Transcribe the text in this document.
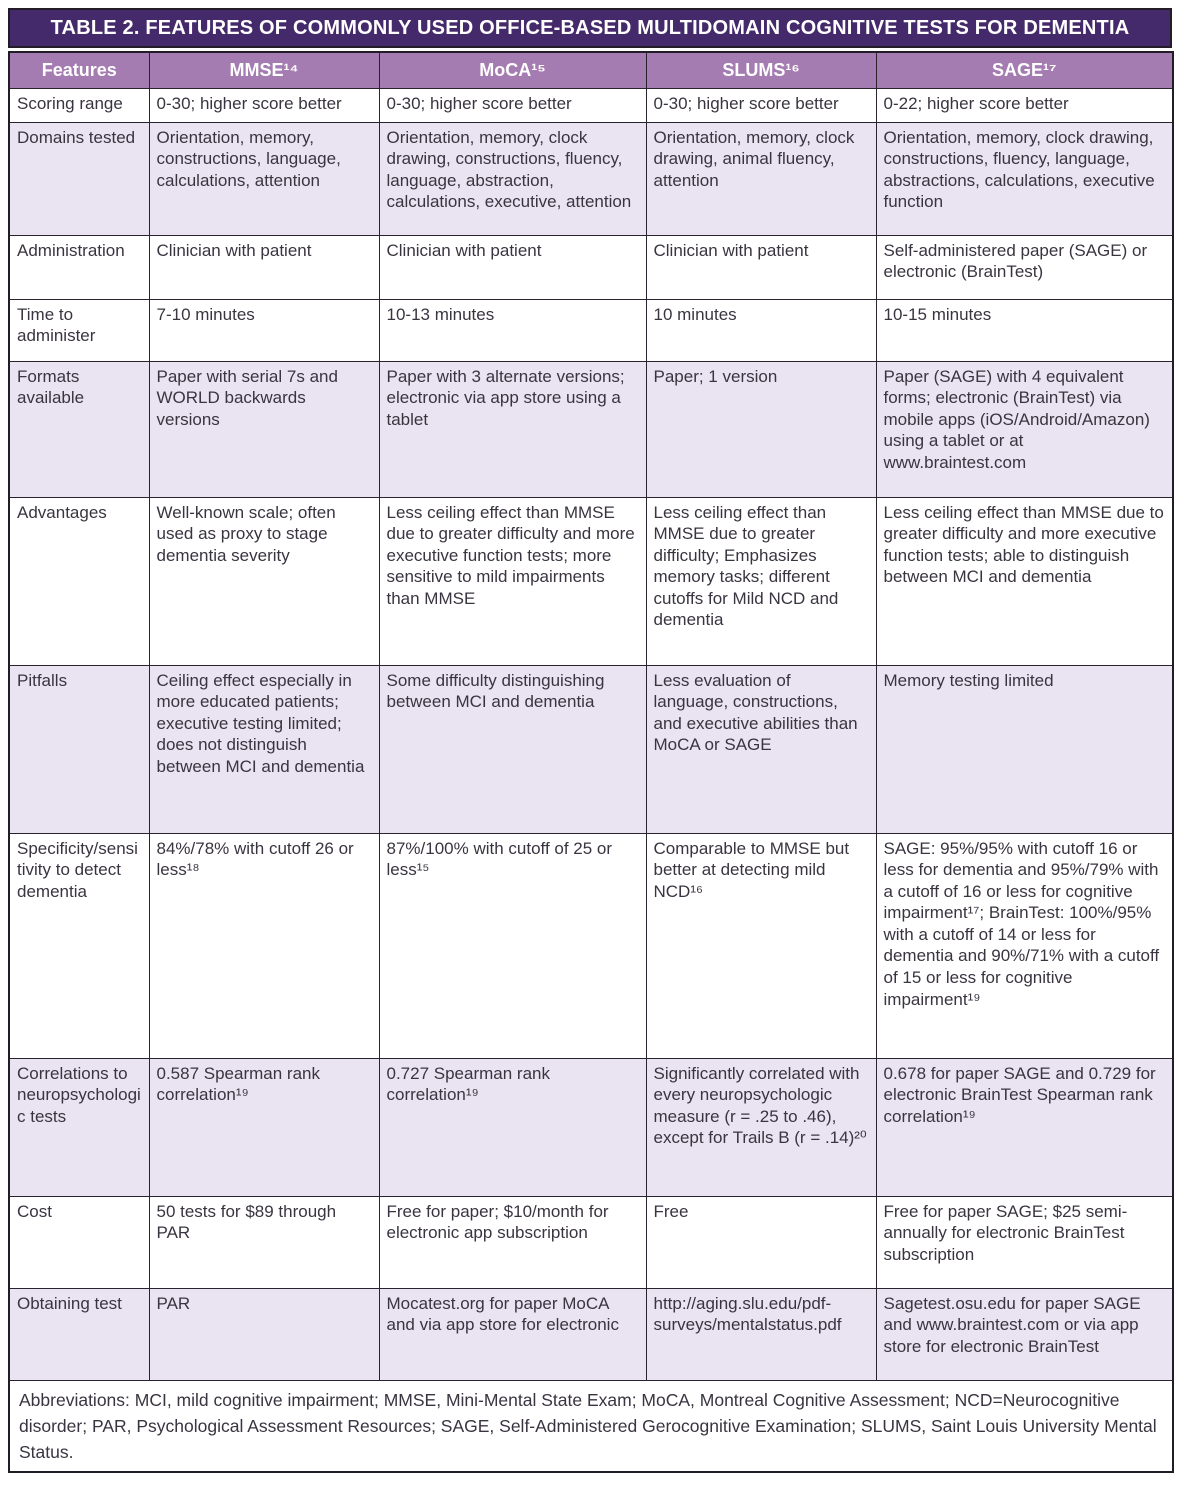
TABLE 2. FEATURES OF COMMONLY USED OFFICE-BASED MULTIDOMAIN COGNITIVE TESTS FOR DEMENTIA
Features	MMSE¹⁴	MoCA¹⁵	SLUMS¹⁶	SAGE¹⁷
Scoring range	0-30; higher score better	0-30; higher score better	0-30; higher score better	0-22; higher score better
Domains tested	Orientation, memory, constructions, language, calculations, attention	Orientation, memory, clock drawing, constructions, fluency, language, abstraction, calculations, executive, attention	Orientation, memory, clock drawing, animal fluency, attention	Orientation, memory, clock drawing, constructions, fluency, language, abstractions, calculations, executive function
Administration	Clinician with patient	Clinician with patient	Clinician with patient	Self-administered paper (SAGE) or electronic (BrainTest)
Time to administer	7-10 minutes	10-13 minutes	10 minutes	10-15 minutes
Formats available	Paper with serial 7s and WORLD backwards versions	Paper with 3 alternate versions; electronic via app store using a tablet	Paper; 1 version	Paper (SAGE) with 4 equivalent forms; electronic (BrainTest) via mobile apps (iOS/Android/Amazon) using a tablet or at www.braintest.com
Advantages	Well-known scale; often used as proxy to stage dementia severity	Less ceiling effect than MMSE due to greater difficulty and more executive function tests; more sensitive to mild impairments than MMSE	Less ceiling effect than MMSE due to greater difficulty; Emphasizes memory tasks; different cutoffs for Mild NCD and dementia	Less ceiling effect than MMSE due to greater difficulty and more executive function tests; able to distinguish between MCI and dementia
Pitfalls	Ceiling effect especially in more educated patients; executive testing limited; does not distinguish between MCI and dementia	Some difficulty distinguishing between MCI and dementia	Less evaluation of language, constructions, and executive abilities than MoCA or SAGE	Memory testing limited
Specificity/sensitivity to detect dementia	84%/78% with cutoff 26 or less¹⁸	87%/100% with cutoff of 25 or less¹⁵	Comparable to MMSE but better at detecting mild NCD¹⁶	SAGE: 95%/95% with cutoff 16 or less for dementia and 95%/79% with a cutoff of 16 or less for cognitive impairment¹⁷; BrainTest: 100%/95% with a cutoff of 14 or less for dementia and 90%/71% with a cutoff of 15 or less for cognitive impairment¹⁹
Correlations to neuropsychologic tests	0.587 Spearman rank correlation¹⁹	0.727 Spearman rank correlation¹⁹	Significantly correlated with every neuropsychologic measure (r = .25 to .46), except for Trails B (r = .14)²⁰	0.678 for paper SAGE and 0.729 for electronic BrainTest Spearman rank correlation¹⁹
Cost	50 tests for $89 through PAR	Free for paper; $10/month for electronic app subscription	Free	Free for paper SAGE; $25 semi-annually for electronic BrainTest subscription
Obtaining test	PAR	Mocatest.org for paper MoCA and via app store for electronic	http://aging.slu.edu/pdf-surveys/mentalstatus.pdf	Sagetest.osu.edu for paper SAGE and www.braintest.com or via app store for electronic BrainTest
Abbreviations: MCI, mild cognitive impairment; MMSE, Mini-Mental State Exam; MoCA, Montreal Cognitive Assessment; NCD=Neurocognitive disorder; PAR, Psychological Assessment Resources; SAGE, Self-Administered Gerocognitive Examination; SLUMS, Saint Louis University Mental Status.				
